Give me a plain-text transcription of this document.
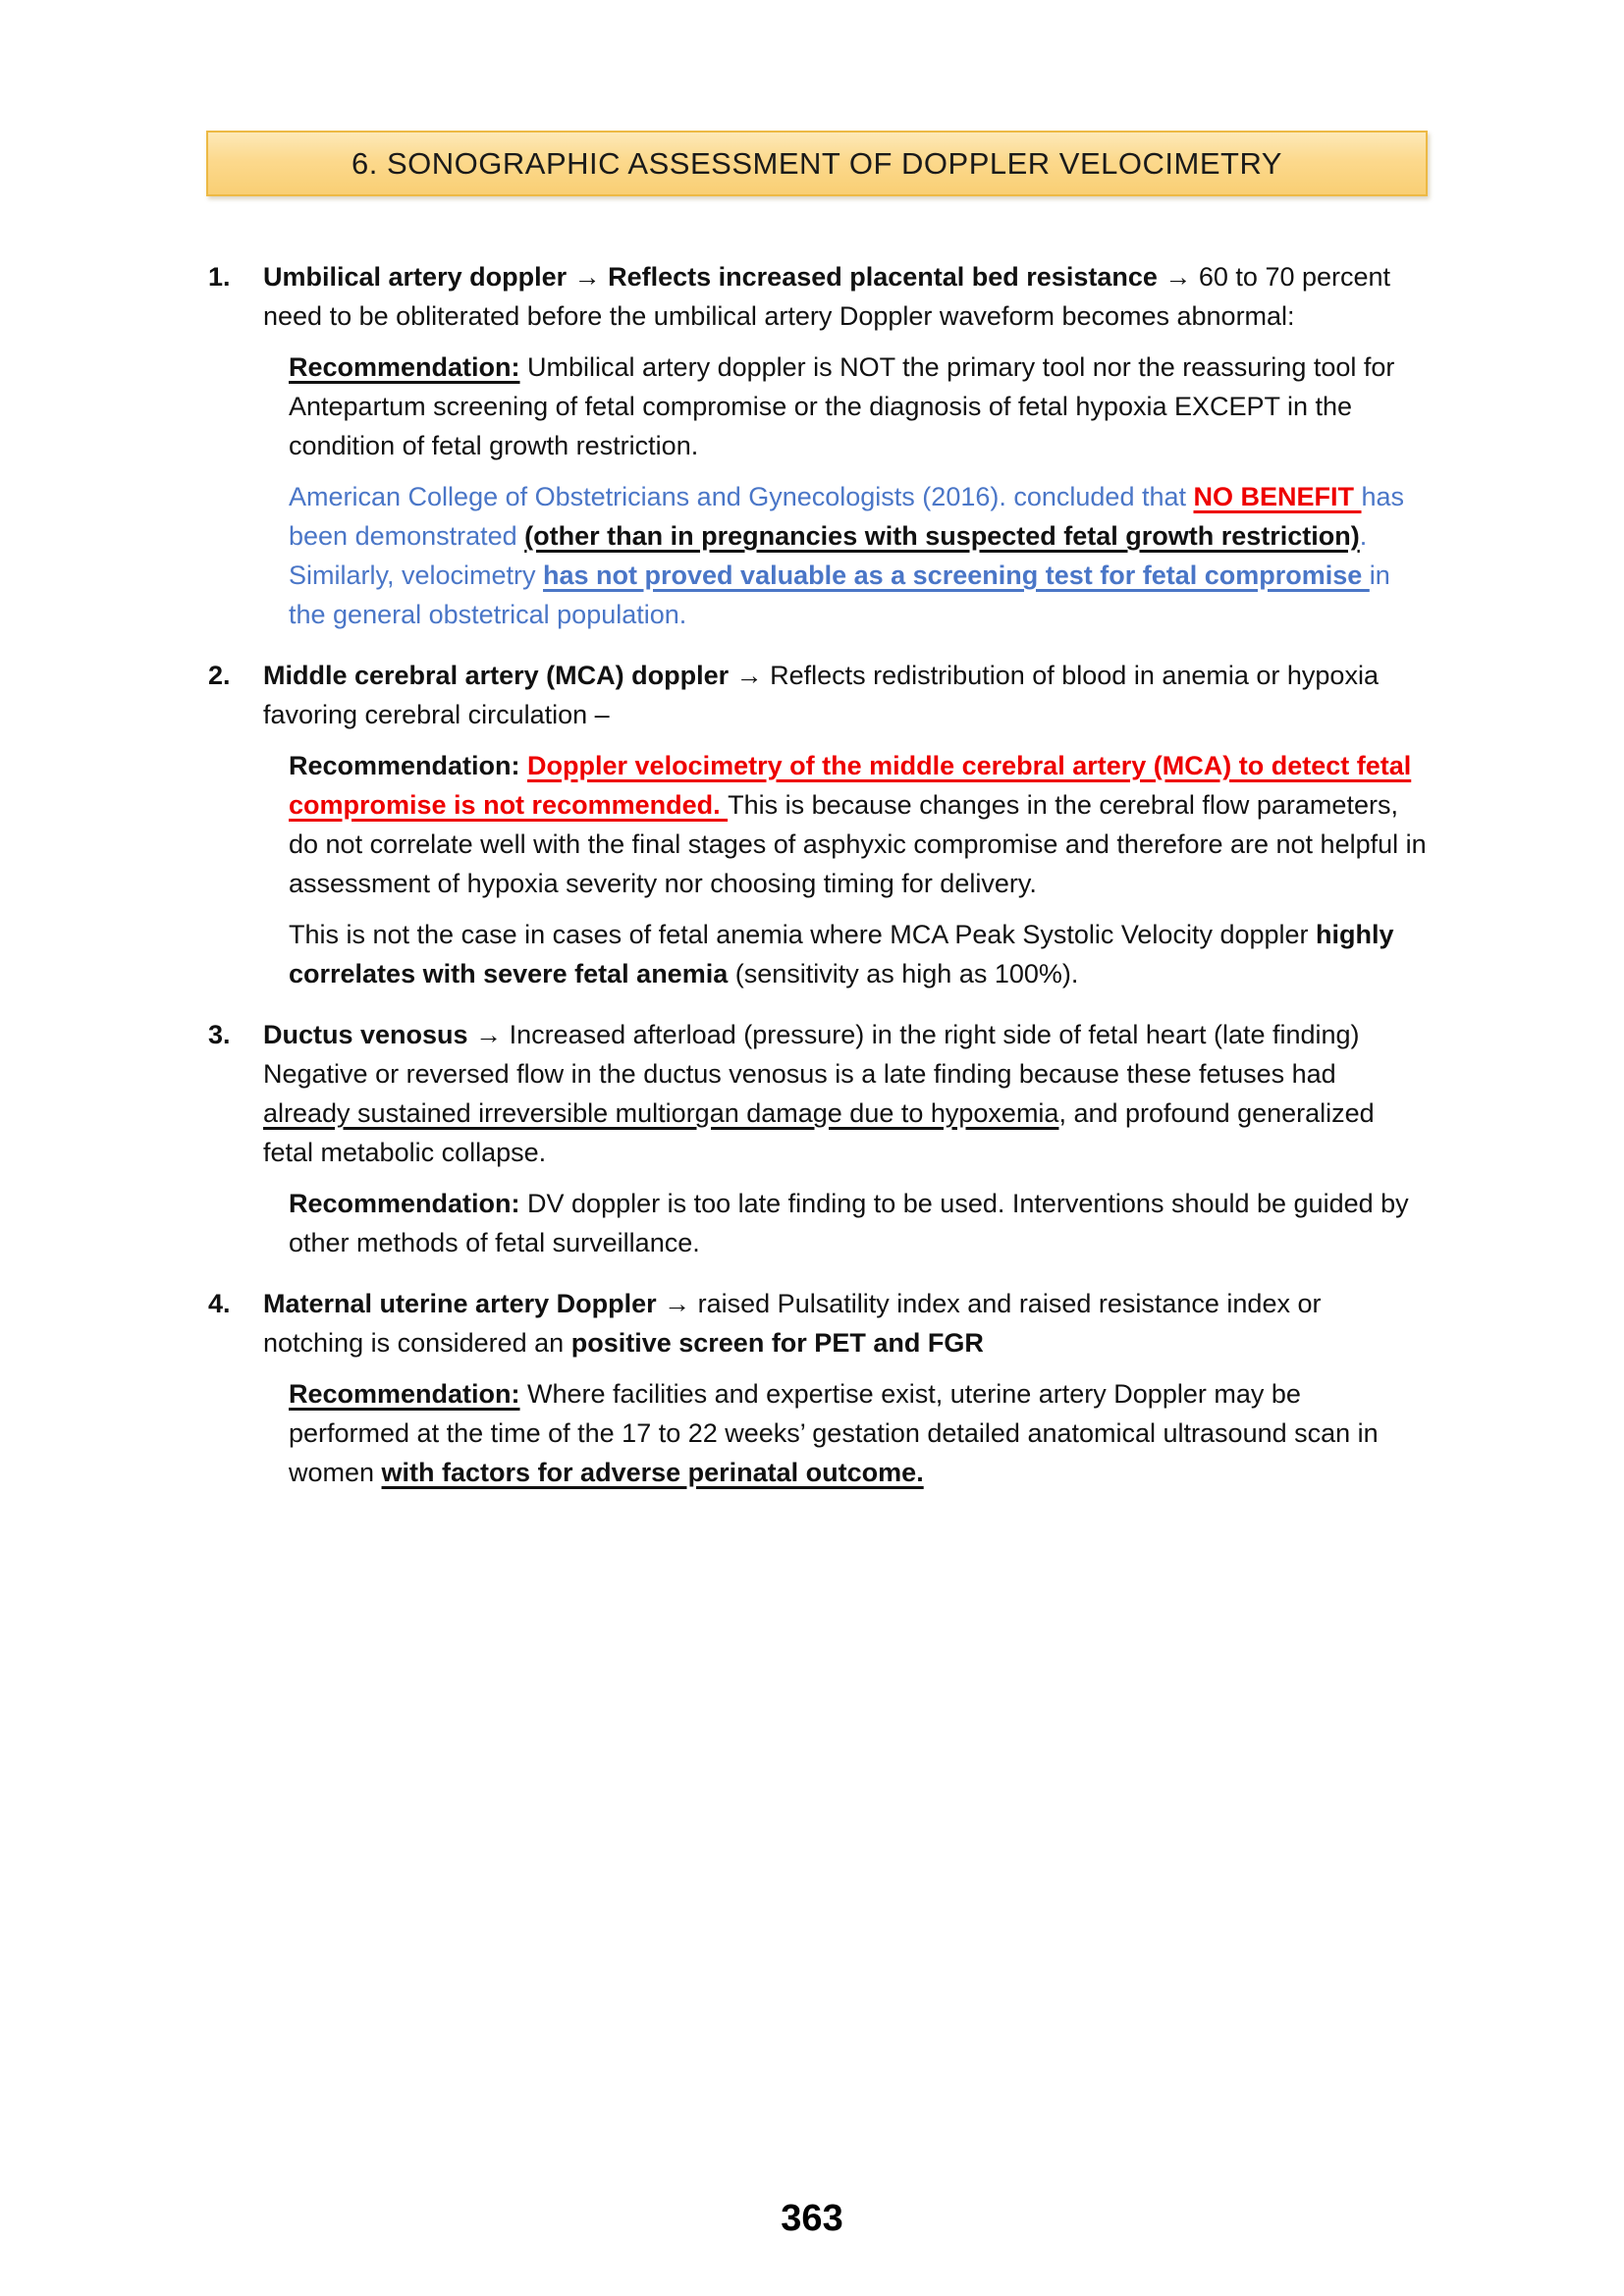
6. SONOGRAPHIC ASSESSMENT OF DOPPLER VELOCIMETRY
1.	Umbilical artery doppler → Reflects increased placental bed resistance → 60 to 70 percent need to be obliterated before the umbilical artery Doppler waveform becomes abnormal:

Recommendation: Umbilical artery doppler is NOT the primary tool nor the reassuring tool for Antepartum screening of fetal compromise or the diagnosis of fetal hypoxia EXCEPT in the condition of fetal growth restriction.

American College of Obstetricians and Gynecologists (2016). concluded that NO BENEFIT has been demonstrated (other than in pregnancies with suspected fetal growth restriction). Similarly, velocimetry has not proved valuable as a screening test for fetal compromise in the general obstetrical population.

2.	Middle cerebral artery (MCA) doppler → Reflects redistribution of blood in anemia or hypoxia favoring cerebral circulation –

Recommendation: Doppler velocimetry of the middle cerebral artery (MCA) to detect fetal compromise is not recommended. This is because changes in the cerebral flow parameters, do not correlate well with the final stages of asphyxic compromise and therefore are not helpful in assessment of hypoxia severity nor choosing timing for delivery.

This is not the case in cases of fetal anemia where MCA Peak Systolic Velocity doppler highly correlates with severe fetal anemia (sensitivity as high as 100%).

3.	Ductus venosus → Increased afterload (pressure) in the right side of fetal heart (late finding) Negative or reversed flow in the ductus venosus is a late finding because these fetuses had already sustained irreversible multiorgan damage due to hypoxemia, and profound generalized fetal metabolic collapse.

Recommendation: DV doppler is too late finding to be used. Interventions should be guided by other methods of fetal surveillance.

4.	Maternal uterine artery Doppler → raised Pulsatility index and raised resistance index or notching is considered an positive screen for PET and FGR

Recommendation: Where facilities and expertise exist, uterine artery Doppler may be performed at the time of the 17 to 22 weeks’ gestation detailed anatomical ultrasound scan in women with factors for adverse perinatal outcome.

363
